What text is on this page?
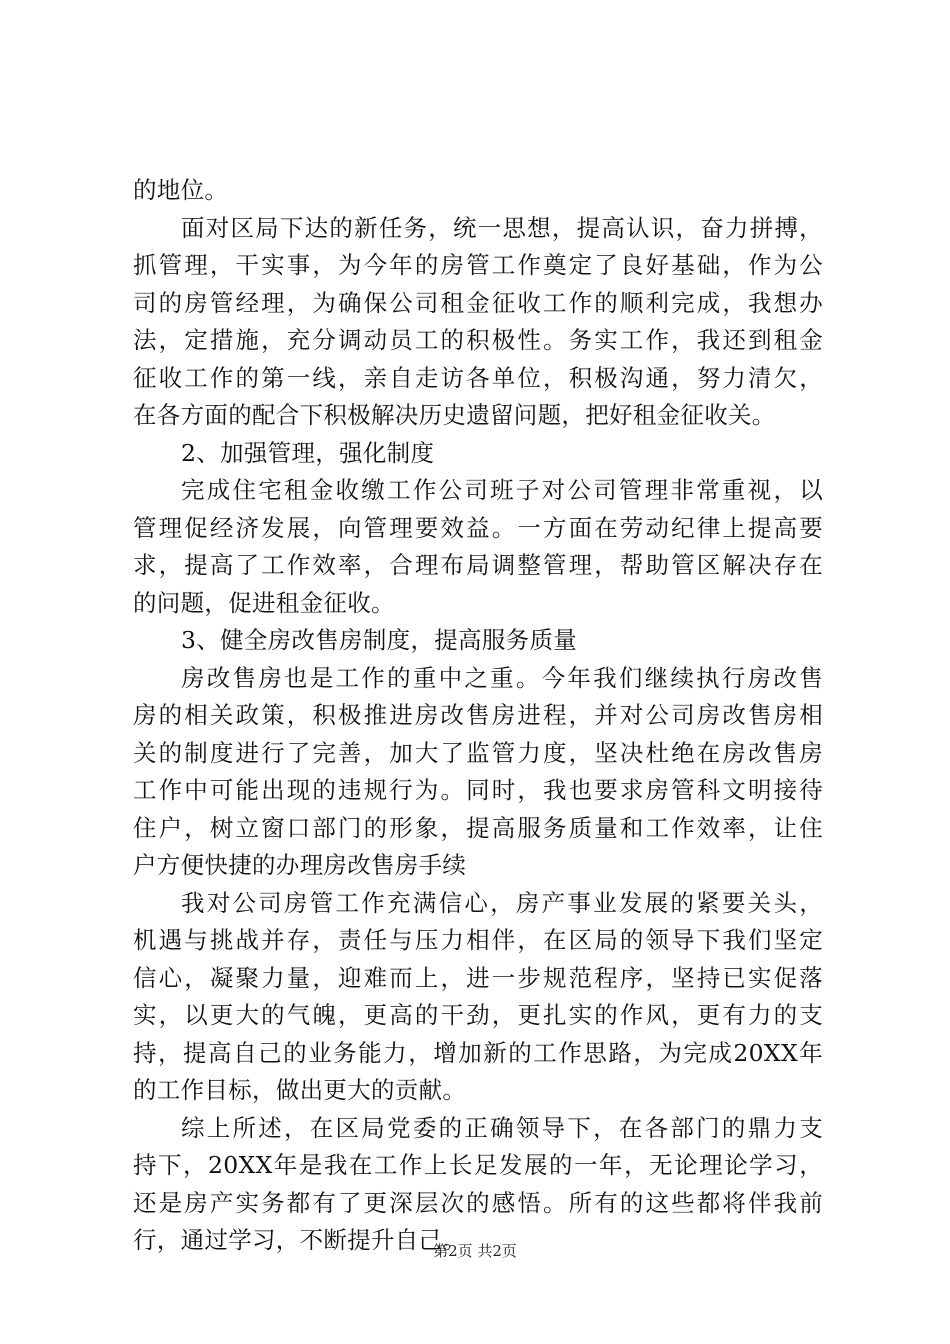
的地位。
面对区局下达的新任务，统一思想，提高认识，奋力拼搏，
抓管理，干实事，为今年的房管工作奠定了良好基础，作为公
司的房管经理，为确保公司租金征收工作的顺利完成，我想办
法，定措施，充分调动员工的积极性。务实工作，我还到租金
征收工作的第一线，亲自走访各单位，积极沟通，努力清欠，
在各方面的配合下积极解决历史遗留问题，把好租金征收关。
2、加强管理，强化制度
完成住宅租金收缴工作公司班子对公司管理非常重视，以
管理促经济发展，向管理要效益。一方面在劳动纪律上提高要
求，提高了工作效率，合理布局调整管理，帮助管区解决存在
的问题，促进租金征收。
3、健全房改售房制度，提高服务质量
房改售房也是工作的重中之重。今年我们继续执行房改售
房的相关政策，积极推进房改售房进程，并对公司房改售房相
关的制度进行了完善，加大了监管力度，坚决杜绝在房改售房
工作中可能出现的违规行为。同时，我也要求房管科文明接待
住户，树立窗口部门的形象，提高服务质量和工作效率，让住
户方便快捷的办理房改售房手续
我对公司房管工作充满信心，房产事业发展的紧要关头，
机遇与挑战并存，责任与压力相伴，在区局的领导下我们坚定
信心，凝聚力量，迎难而上，进一步规范程序，坚持已实促落
实，以更大的气魄，更高的干劲，更扎实的作风，更有力的支
持，提高自己的业务能力，增加新的工作思路，为完成20XX年
的工作目标，做出更大的贡献。
综上所述，在区局党委的正确领导下，在各部门的鼎力支
持下，20XX年是我在工作上长足发展的一年，无论理论学习，
还是房产实务都有了更深层次的感悟。所有的这些都将伴我前
行，通过学习，不断提升自己。
第2页 共2页
